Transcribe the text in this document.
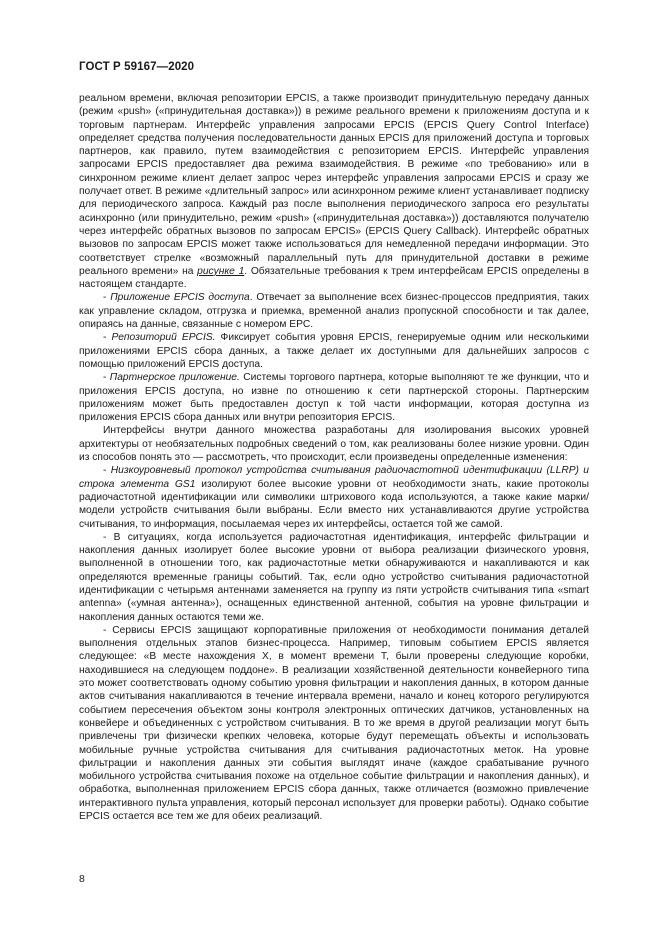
ГОСТ Р 59167—2020

реальном времени, включая репозитории EPCIS, а также производит принудительную передачу данных (режим «push» («принудительная доставка»)) в режиме реального времени к приложениям доступа и к торговым партнерам. Интерфейс управления запросами EPCIS (EPCIS Query Control Interface) определяет средства получения последовательности данных EPCIS для приложений доступа и торговых партнеров, как правило, путем взаимодействия с репозиторием EPCIS. Интерфейс управления запросами EPCIS предоставляет два режима взаимодействия. В режиме «по требованию» или в синхронном режиме клиент делает запрос через интерфейс управления запросами EPCIS и сразу же получает ответ. В режиме «длительный запрос» или асинхронном режиме клиент устанавливает подписку для периодического запроса. Каждый раз после выполнения периодического запроса его результаты асинхронно (или принудительно, режим «push» («принудительная доставка»)) доставляются получателю через интерфейс обратных вызовов по запросам EPCIS» (EPCIS Query Callback). Интерфейс обратных вызовов по запросам EPCIS может также использоваться для немедленной передачи информации. Это соответствует стрелке «возможный параллельный путь для принудительной доставки в режиме реального времени» на рисунке 1. Обязательные требования к трем интерфейсам EPCIS определены в настоящем стандарте.

- Приложение EPCIS доступа. Отвечает за выполнение всех бизнес-процессов предприятия, таких как управление складом, отгрузка и приемка, временной анализ пропускной способности и так далее, опираясь на данные, связанные с номером EPC.

- Репозиторий EPCIS. Фиксирует события уровня EPCIS, генерируемые одним или несколькими приложениями EPCIS сбора данных, а также делает их доступными для дальнейших запросов с помощью приложений EPCIS доступа.

- Партнерское приложение. Системы торгового партнера, которые выполняют те же функции, что и приложения EPCIS доступа, но извне по отношению к сети партнерской стороны. Партнерским приложениям может быть предоставлен доступ к той части информации, которая доступна из приложения EPCIS сбора данных или внутри репозитория EPCIS.

Интерфейсы внутри данного множества разработаны для изолирования высоких уровней архитектуры от необязательных подробных сведений о том, как реализованы более низкие уровни. Один из способов понять это — рассмотреть, что происходит, если произведены определенные изменения:

- Низкоуровневый протокол устройства считывания радиочастотной идентификации (LLRP) и строка элемента GS1 изолируют более высокие уровни от необходимости знать, какие протоколы радиочастотной идентификации или символики штрихового кода используются, а также какие марки/модели устройств считывания были выбраны. Если вместо них устанавливаются другие устройства считывания, то информация, посылаемая через их интерфейсы, остается той же самой.

- В ситуациях, когда используется радиочастотная идентификация, интерфейс фильтрации и накопления данных изолирует более высокие уровни от выбора реализации физического уровня, выполненной в отношении того, как радиочастотные метки обнаруживаются и накапливаются и как определяются временные границы событий. Так, если одно устройство считывания радиочастотной идентификации с четырьмя антеннами заменяется на группу из пяти устройств считывания типа «smart antenna» («умная антенна»), оснащенных единственной антенной, события на уровне фильтрации и накопления данных остаются теми же.

- Сервисы EPCIS защищают корпоративные приложения от необходимости понимания деталей выполнения отдельных этапов бизнес-процесса. Например, типовым событием EPCIS является следующее: «В месте нахождения X, в момент времени T, были проверены следующие коробки, находившиеся на следующем поддоне». В реализации хозяйственной деятельности конвейерного типа это может соответствовать одному событию уровня фильтрации и накопления данных, в котором данные актов считывания накапливаются в течение интервала времени, начало и конец которого регулируются событием пересечения объектом зоны контроля электронных оптических датчиков, установленных на конвейере и объединенных с устройством считывания. В то же время в другой реализации могут быть привлечены три физически крепких человека, которые будут перемещать объекты и использовать мобильные ручные устройства считывания для считывания радиочастотных меток. На уровне фильтрации и накопления данных эти события выглядят иначе (каждое срабатывание ручного мобильного устройства считывания похоже на отдельное событие фильтрации и накопления данных), и обработка, выполненная приложением EPCIS сбора данных, также отличается (возможно привлечение интерактивного пульта управления, который персонал использует для проверки работы). Однако событие EPCIS остается все тем же для обеих реализаций.

8
